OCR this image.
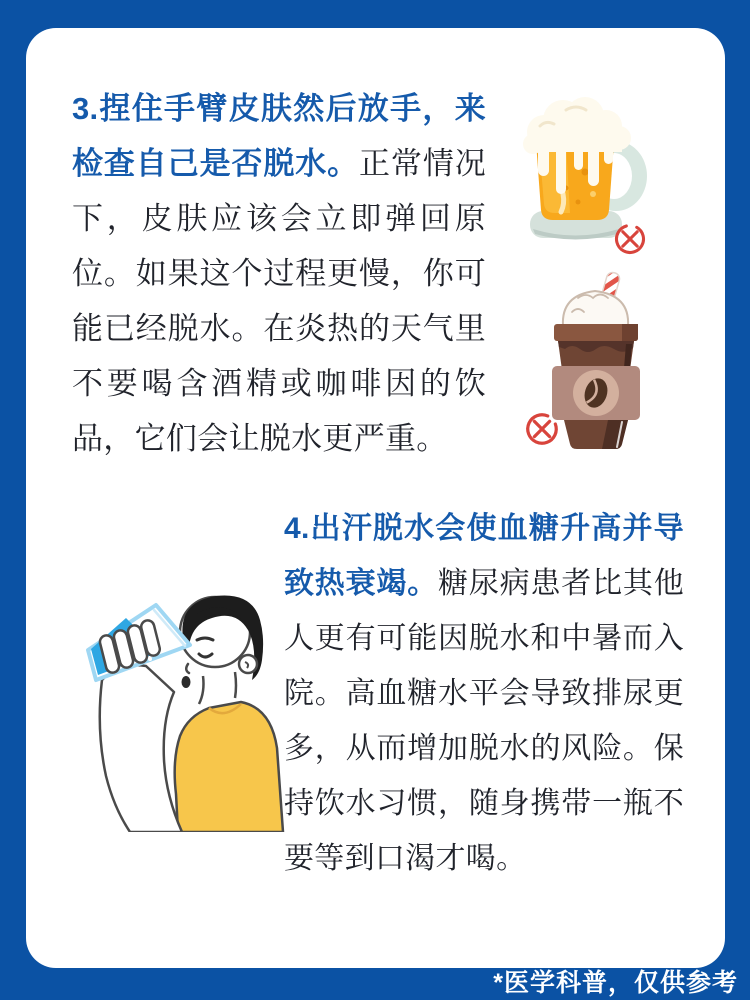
3.捏住手臂皮肤然后放手，来检查自己是否脱水。正常情况下，皮肤应该会立即弹回原位。如果这个过程更慢，你可能已经脱水。在炎热的天气里不要喝含酒精或咖啡因的饮品，它们会让脱水更严重。

4.出汗脱水会使血糖升高并导致热衰竭。糖尿病患者比其他人更有可能因脱水和中暑而入院。高血糖水平会导致排尿更多，从而增加脱水的风险。保持饮水习惯，随身携带一瓶不要等到口渴才喝。

*医学科普，仅供参考
